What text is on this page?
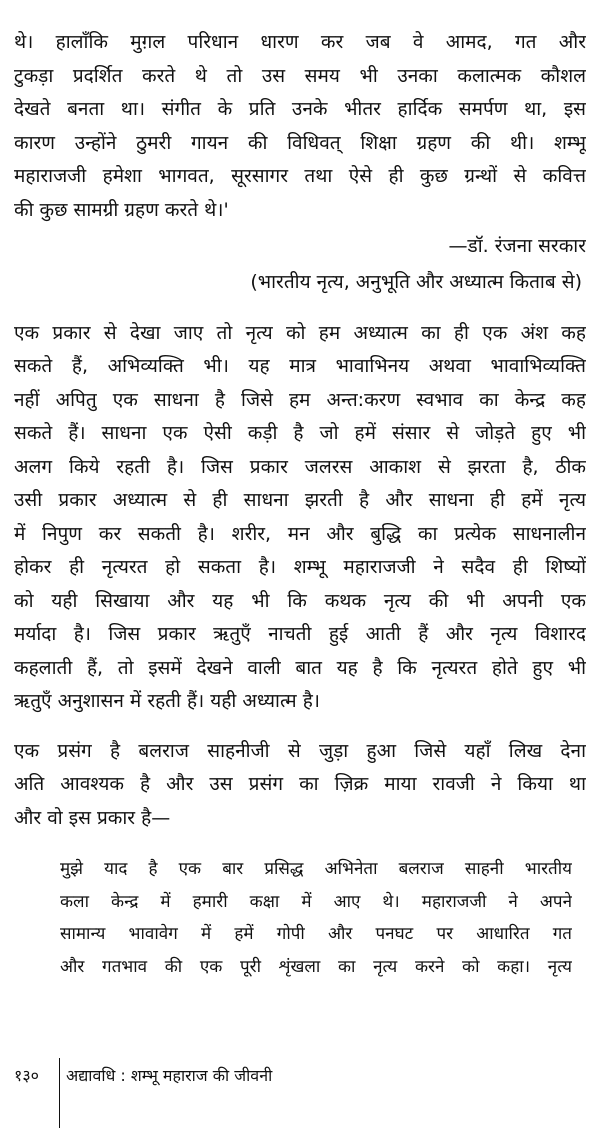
थे। हालाँकि मुग़ल परिधान धारण कर जब वे आमद, गत और
टुकड़ा प्रदर्शित करते थे तो उस समय भी उनका कलात्मक कौशल
देखते बनता था। संगीत के प्रति उनके भीतर हार्दिक समर्पण था, इस
कारण उन्होंने ठुमरी गायन की विधिवत् शिक्षा ग्रहण की थी। शम्भू
महाराजजी हमेशा भागवत, सूरसागर तथा ऐसे ही कुछ ग्रन्थों से कवित्त
की कुछ सामग्री ग्रहण करते थे।'
—डॉ. रंजना सरकार
(भारतीय नृत्य, अनुभूति और अध्यात्म किताब से)
एक प्रकार से देखा जाए तो नृत्य को हम अध्यात्म का ही एक अंश कह
सकते हैं, अभिव्यक्ति भी। यह मात्र भावाभिनय अथवा भावाभिव्यक्ति
नहीं अपितु एक साधना है जिसे हम अन्त:करण स्वभाव का केन्द्र कह
सकते हैं। साधना एक ऐसी कड़ी है जो हमें संसार से जोड़ते हुए भी
अलग किये रहती है। जिस प्रकार जलरस आकाश से झरता है, ठीक
उसी प्रकार अध्यात्म से ही साधना झरती है और साधना ही हमें नृत्य
में निपुण कर सकती है। शरीर, मन और बुद्धि का प्रत्येक साधनालीन
होकर ही नृत्यरत हो सकता है। शम्भू महाराजजी ने सदैव ही शिष्यों
को यही सिखाया और यह भी कि कथक नृत्य की भी अपनी एक
मर्यादा है। जिस प्रकार ऋतुएँ नाचती हुई आती हैं और नृत्य विशारद
कहलाती हैं, तो इसमें देखने वाली बात यह है कि नृत्यरत होते हुए भी
ऋतुएँ अनुशासन में रहती हैं। यही अध्यात्म है।
एक प्रसंग है बलराज साहनीजी से जुड़ा हुआ जिसे यहाँ लिख देना
अति आवश्यक है और उस प्रसंग का ज़िक्र माया रावजी ने किया था
और वो इस प्रकार है—
मुझे याद है एक बार प्रसिद्ध अभिनेता बलराज साहनी भारतीय
कला केन्द्र में हमारी कक्षा में आए थे। महाराजजी ने अपने
सामान्य भावावेग में हमें गोपी और पनघट पर आधारित गत
और गतभाव की एक पूरी शृंखला का नृत्य करने को कहा। नृत्य
१३०	अद्यावधि : शम्भू महाराज की जीवनी
